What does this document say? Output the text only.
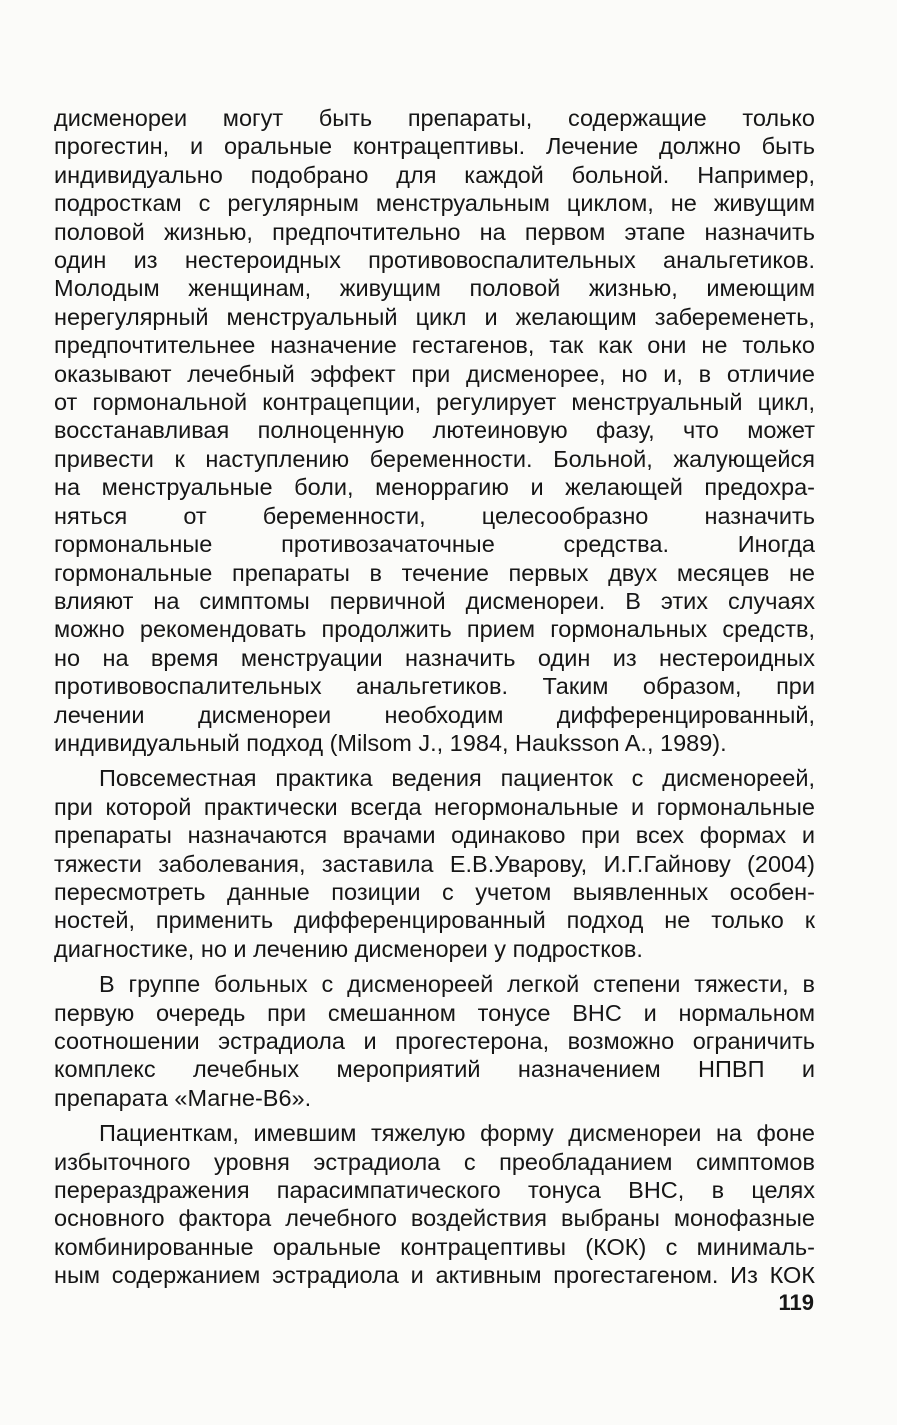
дисменореи могут быть препараты, содержащие только
прогестин, и оральные контрацептивы. Лечение должно быть
индивидуально подобрано для каждой больной. Например,
подросткам с регулярным менструальным циклом, не живущим
половой жизнью, предпочтительно на первом этапе назначить
один из нестероидных противовоспалительных анальгетиков.
Молодым женщинам, живущим половой жизнью, имеющим
нерегулярный менструальный цикл и желающим забеременеть,
предпочтительнее назначение гестагенов, так как они не только
оказывают лечебный эффект при дисменорее, но и, в отличие
от гормональной контрацепции, регулирует менструальный цикл,
восстанавливая полноценную лютеиновую фазу, что может
привести к наступлению беременности. Больной, жалующейся
на менструальные боли, меноррагию и желающей предохра-
няться от беременности, целесообразно назначить
гормональные противозачаточные средства. Иногда
гормональные препараты в течение первых двух месяцев не
влияют на симптомы первичной дисменореи. В этих случаях
можно рекомендовать продолжить прием гормональных средств,
но на время менструации назначить один из нестероидных
противовоспалительных анальгетиков. Таким образом, при
лечении дисменореи необходим дифференцированный,
индивидуальный подход (Milsom J., 1984, Hauksson A., 1989).
Повсеместная практика ведения пациенток с дисменореей,
при которой практически всегда негормональные и гормональные
препараты назначаются врачами одинаково при всех формах и
тяжести заболевания, заставила Е.В.Уварову, И.Г.Гайнову (2004)
пересмотреть данные позиции с учетом выявленных особен-
ностей, применить дифференцированный подход не только к
диагностике, но и лечению дисменореи у подростков.
В группе больных с дисменореей легкой степени тяжести, в
первую очередь при смешанном тонусе ВНС и нормальном
соотношении эстрадиола и прогестерона, возможно ограничить
комплекс лечебных мероприятий назначением НПВП и
препарата «Магне-B6».
Пациенткам, имевшим тяжелую форму дисменореи на фоне
избыточного уровня эстрадиола с преобладанием симптомов
перераздражения парасимпатического тонуса ВНС, в целях
основного фактора лечебного воздействия выбраны монофазные
комбинированные оральные контрацептивы (КОК) с минималь-
ным содержанием эстрадиола и активным прогестагеном. Из КОК
119
